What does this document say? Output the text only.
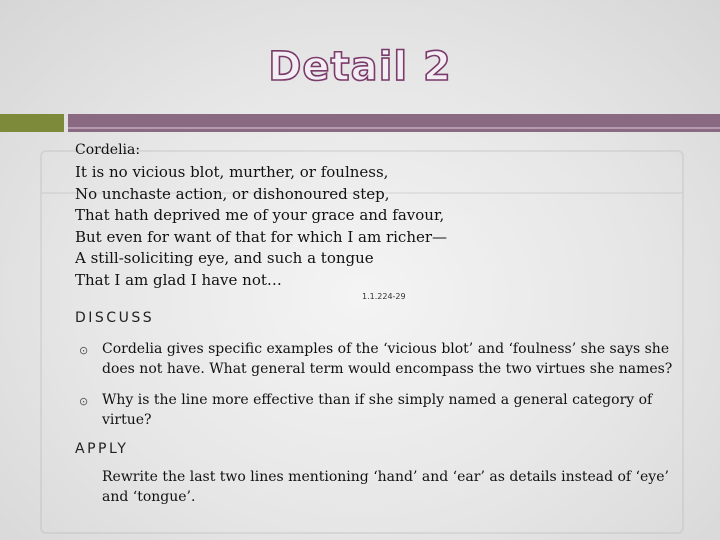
Detail 2
Cordelia:
It is no vicious blot, murther, or foulness,
No unchaste action, or dishonoured step,
That hath deprived me of your grace and favour,
But even for want of that for which I am richer—
A still-soliciting eye, and such a tongue
That I am glad I have not…
1.1.224-29
DISCUSS
⊙ Cordelia gives specific examples of the ‘vicious blot’ and ‘foulness’ she says she does not have. What general term would encompass the two virtues she names?
⊙ Why is the line more effective than if she simply named a general category of virtue?
APPLY
Rewrite the last two lines mentioning ‘hand’ and ‘ear’ as details instead of ‘eye’ and ‘tongue’.
